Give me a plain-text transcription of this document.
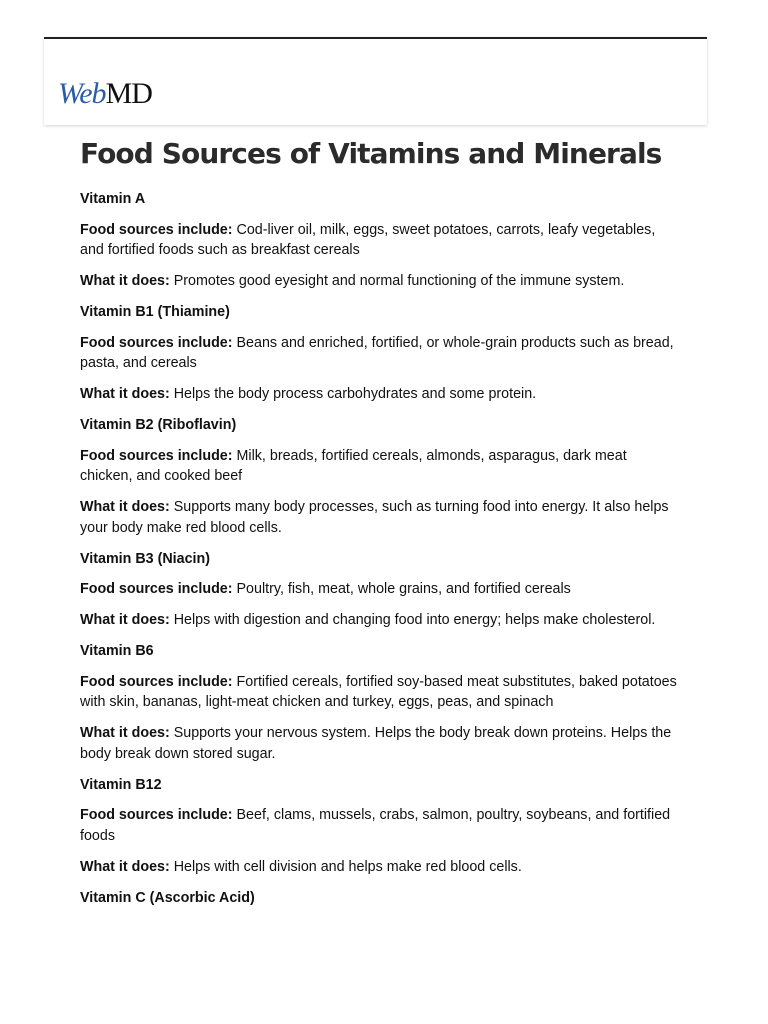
WebMD
Food Sources of Vitamins and Minerals

Vitamin A

Food sources include: Cod-liver oil, milk, eggs, sweet potatoes, carrots, leafy vegetables, and fortified foods such as breakfast cereals

What it does: Promotes good eyesight and normal functioning of the immune system.

Vitamin B1 (Thiamine)

Food sources include: Beans and enriched, fortified, or whole-grain products such as bread, pasta, and cereals

What it does: Helps the body process carbohydrates and some protein.

Vitamin B2 (Riboflavin)

Food sources include: Milk, breads, fortified cereals, almonds, asparagus, dark meat chicken, and cooked beef

What it does: Supports many body processes, such as turning food into energy. It also helps your body make red blood cells.

Vitamin B3 (Niacin)

Food sources include: Poultry, fish, meat, whole grains, and fortified cereals

What it does: Helps with digestion and changing food into energy; helps make cholesterol.

Vitamin B6

Food sources include: Fortified cereals, fortified soy-based meat substitutes, baked potatoes with skin, bananas, light-meat chicken and turkey, eggs, peas, and spinach

What it does: Supports your nervous system. Helps the body break down proteins. Helps the body break down stored sugar.

Vitamin B12

Food sources include: Beef, clams, mussels, crabs, salmon, poultry, soybeans, and fortified foods

What it does: Helps with cell division and helps make red blood cells.

Vitamin C (Ascorbic Acid)
